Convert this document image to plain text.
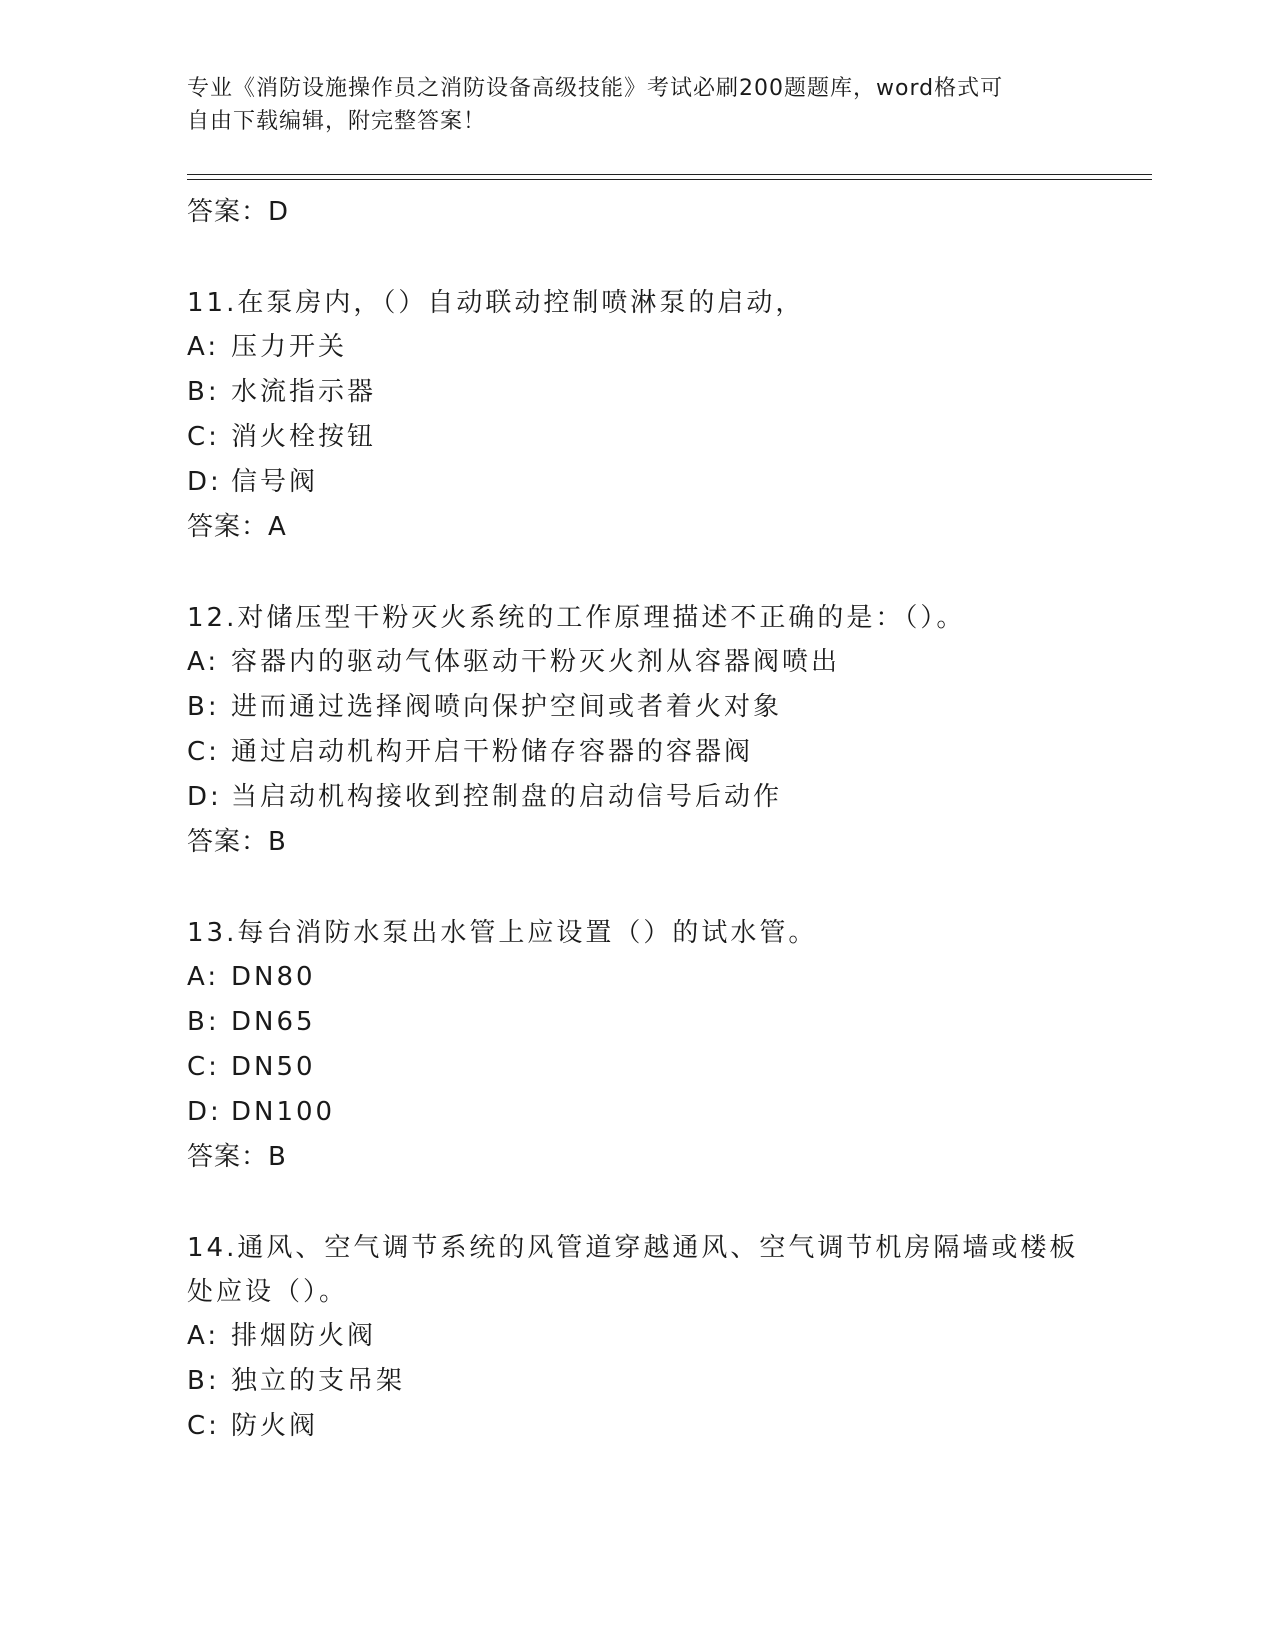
专业《消防设施操作员之消防设备高级技能》考试必刷200题题库，word格式可

自由下载编辑，附完整答案！

答案：D

11.在泵房内，（）自动联动控制喷淋泵的启动，

A: 压力开关

B: 水流指示器

C: 消火栓按钮

D: 信号阀

答案：A

12.对储压型干粉灭火系统的工作原理描述不正确的是：（）。

A: 容器内的驱动气体驱动干粉灭火剂从容器阀喷出

B: 进而通过选择阀喷向保护空间或者着火对象

C: 通过启动机构开启干粉储存容器的容器阀

D: 当启动机构接收到控制盘的启动信号后动作

答案：B

13.每台消防水泵出水管上应设置（）的试水管。

A: DN80

B: DN65

C: DN50

D: DN100

答案：B

14.通风、空气调节系统的风管道穿越通风、空气调节机房隔墙或楼板处应设（）。

A: 排烟防火阀

B: 独立的支吊架

C: 防火阀
